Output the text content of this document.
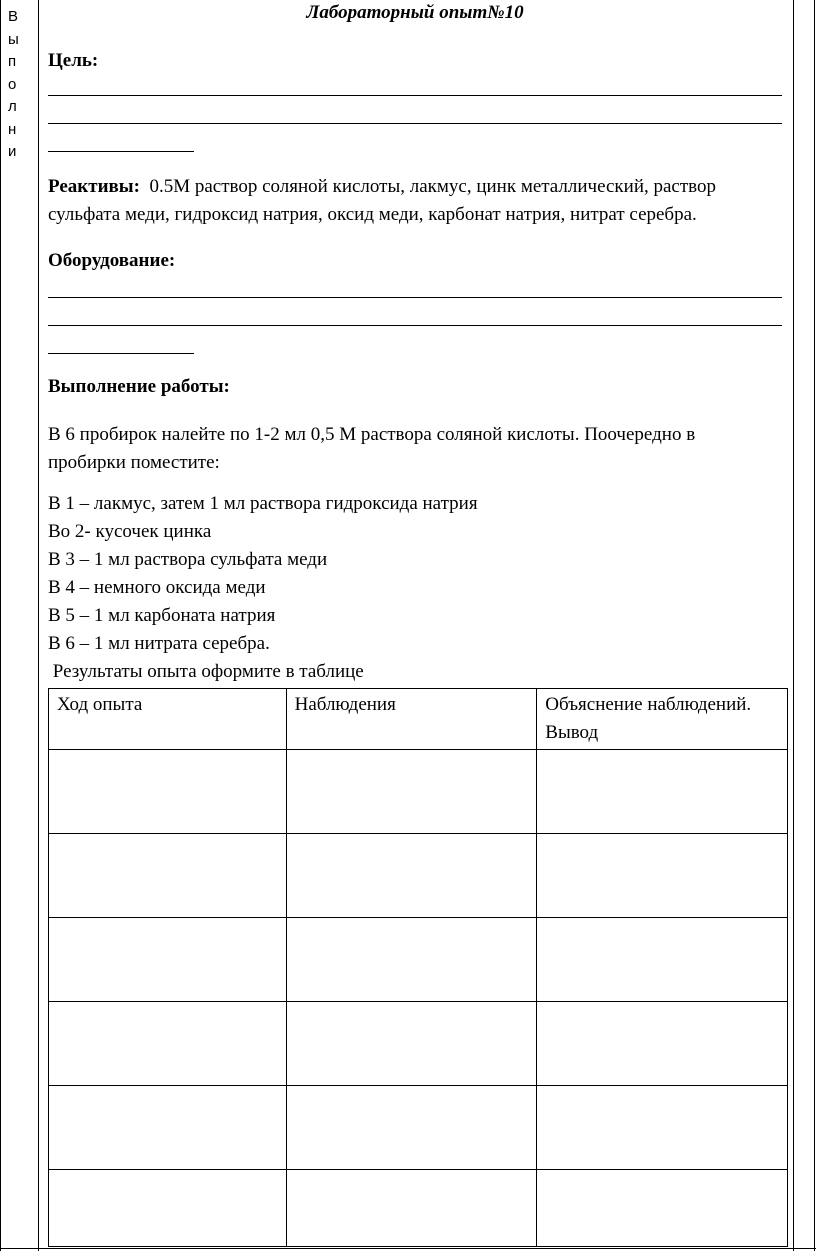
В
ы
п
о
л
н
и
Лабораторный опыт№10
Цель:
Реактивы: 0.5М раствор соляной кислоты, лакмус, цинк металлический, раствор
сульфата меди, гидроксид натрия, оксид меди, карбонат натрия, нитрат серебра.
Оборудование:
Выполнение работы:
В 6 пробирок налейте по 1-2 мл 0,5 М раствора соляной кислоты. Поочередно в
пробирки поместите:
В 1 – лакмус, затем 1 мл раствора гидроксида натрия
Во 2- кусочек цинка
В 3 – 1 мл раствора сульфата меди
В 4 – немного оксида меди
В 5 – 1 мл карбоната натрия
В 6 – 1 мл нитрата серебра.
Результаты опыта оформите в таблице
Ход опыта	Наблюдения	Объяснение наблюдений. Вывод
